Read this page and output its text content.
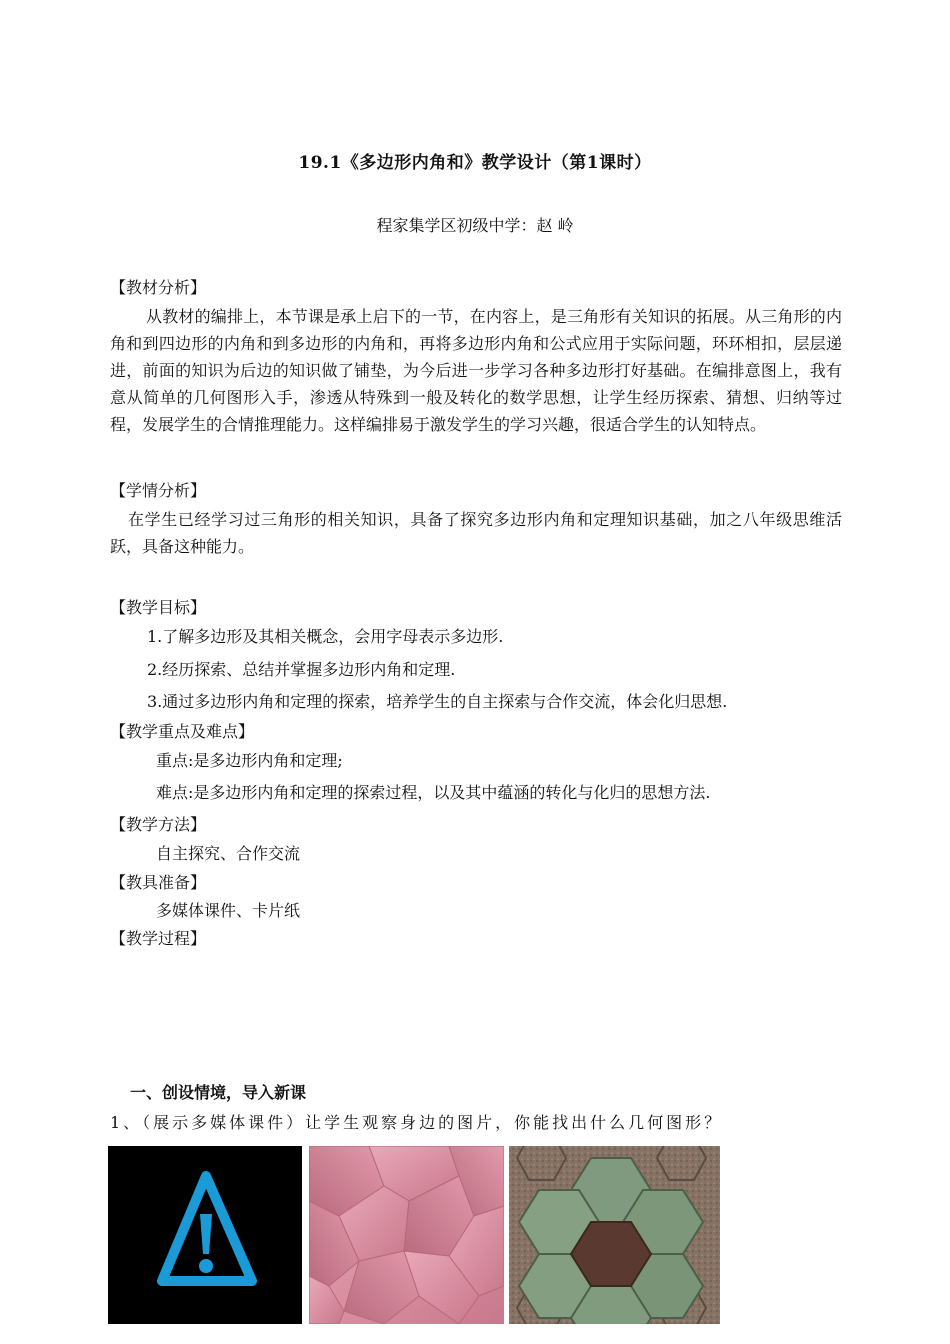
19.1《多边形内角和》教学设计（第1课时）
程家集学区初级中学：赵 岭
【教材分析】
从教材的编排上，本节课是承上启下的一节，在内容上，是三角形有关知识的拓展。从三角形的内角和到四边形的内角和到多边形的内角和，再将多边形内角和公式应用于实际问题，环环相扣，层层递进，前面的知识为后边的知识做了铺垫，为今后进一步学习各种多边形打好基础。在编排意图上，我有意从简单的几何图形入手，渗透从特殊到一般及转化的数学思想，让学生经历探索、猜想、归纳等过程，发展学生的合情推理能力。这样编排易于激发学生的学习兴趣，很适合学生的认知特点。
【学情分析】
在学生已经学习过三角形的相关知识，具备了探究多边形内角和定理知识基础，加之八年级思维活跃，具备这种能力。
【教学目标】
1.了解多边形及其相关概念，会用字母表示多边形.
2.经历探索、总结并掌握多边形内角和定理.
3.通过多边形内角和定理的探索，培养学生的自主探索与合作交流，体会化归思想.
【教学重点及难点】
重点:是多边形内角和定理;
难点:是多边形内角和定理的探索过程，以及其中蕴涵的转化与化归的思想方法.
【教学方法】
自主探究、合作交流
【教具准备】
多媒体课件、卡片纸
【教学过程】
一、创设情境，导入新课
1、（展示多媒体课件）让学生观察身边的图片，你能找出什么几何图形？
